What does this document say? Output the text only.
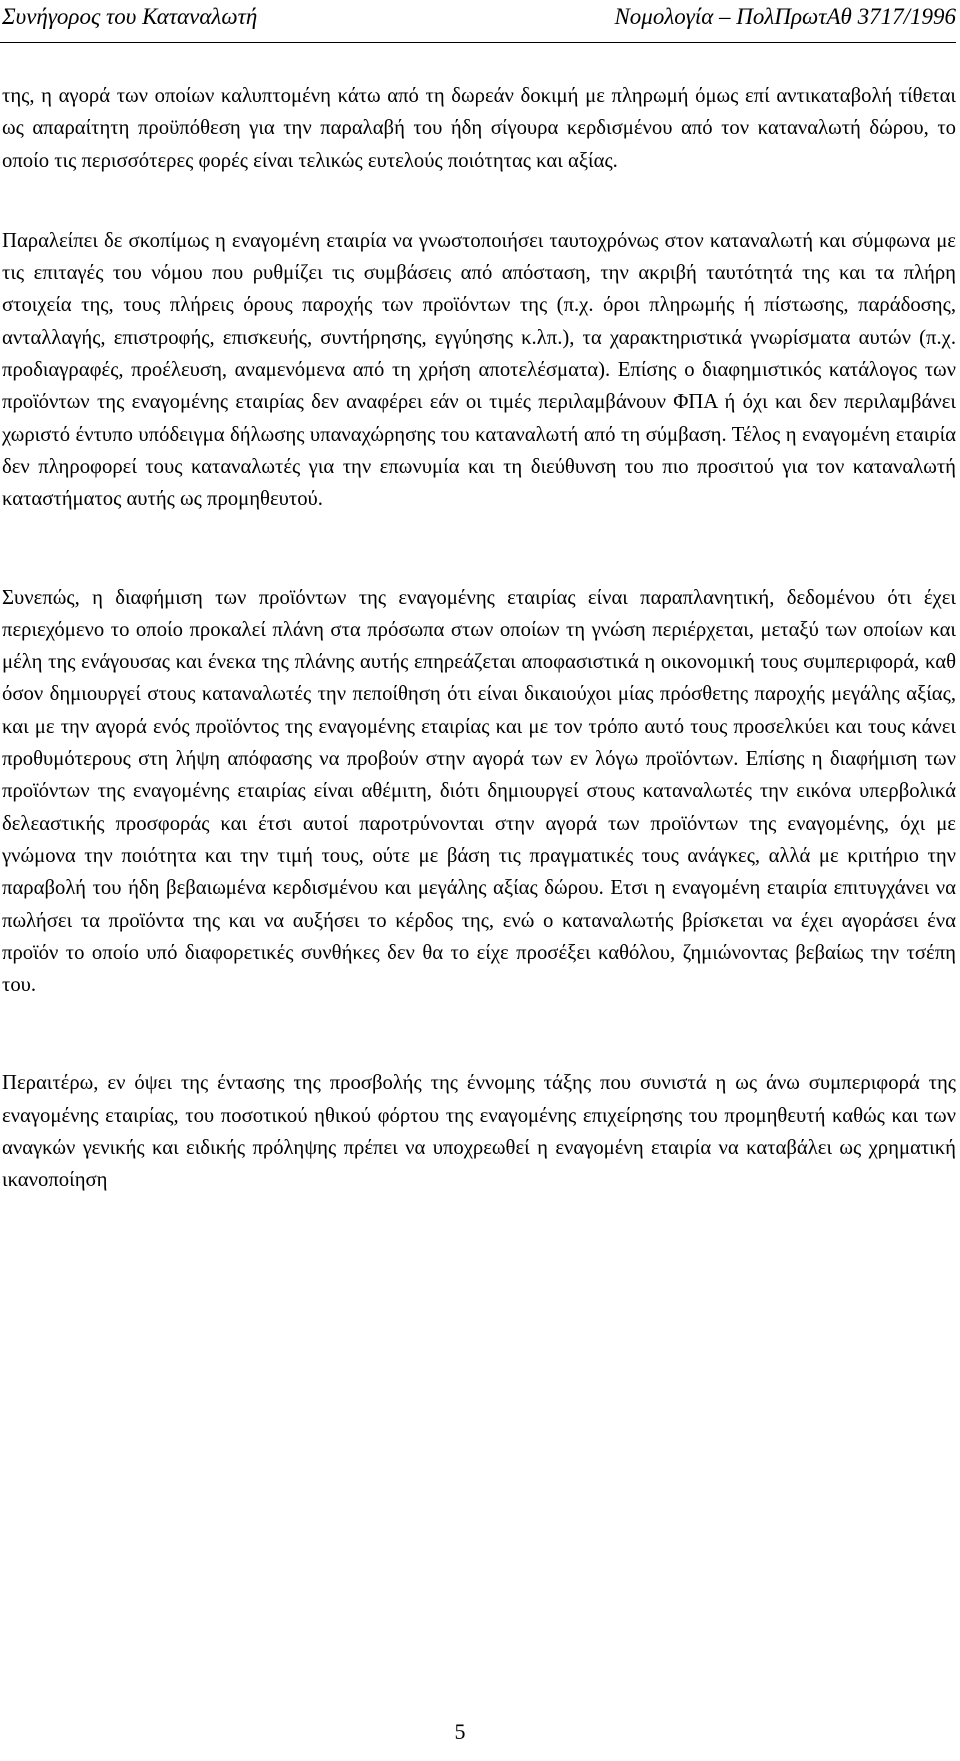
Συνήγορος του Καταναλωτή	Νομολογία – ΠολΠρωτΑθ 3717/1996

της, η αγορά των οποίων καλυπτομένη κάτω από τη δωρεάν δοκιμή με πληρωμή όμως επί αντικαταβολή τίθεται ως απαραίτητη προϋπόθεση για την παραλαβή του ήδη σίγουρα κερδισμένου από τον καταναλωτή δώρου, το οποίο τις περισσότερες φορές είναι τελικώς ευτελούς ποιότητας και αξίας.

Παραλείπει δε σκοπίμως η εναγομένη εταιρία να γνωστοποιήσει ταυτοχρόνως στον καταναλωτή και σύμφωνα με τις επιταγές του νόμου που ρυθμίζει τις συμβάσεις από απόσταση, την ακριβή ταυτότητά της και τα πλήρη στοιχεία της, τους πλήρεις όρους παροχής των προϊόντων της (π.χ. όροι πληρωμής ή πίστωσης, παράδοσης, ανταλλαγής, επιστροφής, επισκευής, συντήρησης, εγγύησης κ.λπ.), τα χαρακτηριστικά γνωρίσματα αυτών (π.χ. προδιαγραφές, προέλευση, αναμενόμενα από τη χρήση αποτελέσματα). Επίσης ο διαφημιστικός κατάλογος των προϊόντων της εναγομένης εταιρίας δεν αναφέρει εάν οι τιμές περιλαμβάνουν ΦΠΑ ή όχι και δεν περιλαμβάνει χωριστό έντυπο υπόδειγμα δήλωσης υπαναχώρησης του καταναλωτή από τη σύμβαση. Τέλος η εναγομένη εταιρία δεν πληροφορεί τους καταναλωτές για την επωνυμία και τη διεύθυνση του πιο προσιτού για τον καταναλωτή καταστήματος αυτής ως προμηθευτού.

Συνεπώς, η διαφήμιση των προϊόντων της εναγομένης εταιρίας είναι παραπλανητική, δεδομένου ότι έχει περιεχόμενο το οποίο προκαλεί πλάνη στα πρόσωπα στων οποίων τη γνώση περιέρχεται, μεταξύ των οποίων και μέλη της ενάγουσας και ένεκα της πλάνης αυτής επηρεάζεται αποφασιστικά η οικονομική τους συμπεριφορά, καθ όσον δημιουργεί στους καταναλωτές την πεποίθηση ότι είναι δικαιούχοι μίας πρόσθετης παροχής μεγάλης αξίας, και με την αγορά ενός προϊόντος της εναγομένης εταιρίας και με τον τρόπο αυτό τους προσελκύει και τους κάνει προθυμότερους στη λήψη απόφασης να προβούν στην αγορά των εν λόγω προϊόντων. Επίσης η διαφήμιση των προϊόντων της εναγομένης εταιρίας είναι αθέμιτη, διότι δημιουργεί στους καταναλωτές την εικόνα υπερβολικά δελεαστικής προσφοράς και έτσι αυτοί παροτρύνονται στην αγορά των προϊόντων της εναγομένης, όχι με γνώμονα την ποιότητα και την τιμή τους, ούτε με βάση τις πραγματικές τους ανάγκες, αλλά με κριτήριο την παραβολή του ήδη βεβαιωμένα κερδισμένου και μεγάλης αξίας δώρου. Ετσι η εναγομένη εταιρία επιτυγχάνει να πωλήσει τα προϊόντα της και να αυξήσει το κέρδος της, ενώ ο καταναλωτής βρίσκεται να έχει αγοράσει ένα προϊόν το οποίο υπό διαφορετικές συνθήκες δεν θα το είχε προσέξει καθόλου, ζημιώνοντας βεβαίως την τσέπη του.

Περαιτέρω, εν όψει της έντασης της προσβολής της έννομης τάξης που συνιστά η ως άνω συμπεριφορά της εναγομένης εταιρίας, του ποσοτικού ηθικού φόρτου της εναγομένης επιχείρησης του προμηθευτή καθώς και των αναγκών γενικής και ειδικής πρόληψης πρέπει να υποχρεωθεί η εναγομένη εταιρία να καταβάλει ως χρηματική ικανοποίηση

5
